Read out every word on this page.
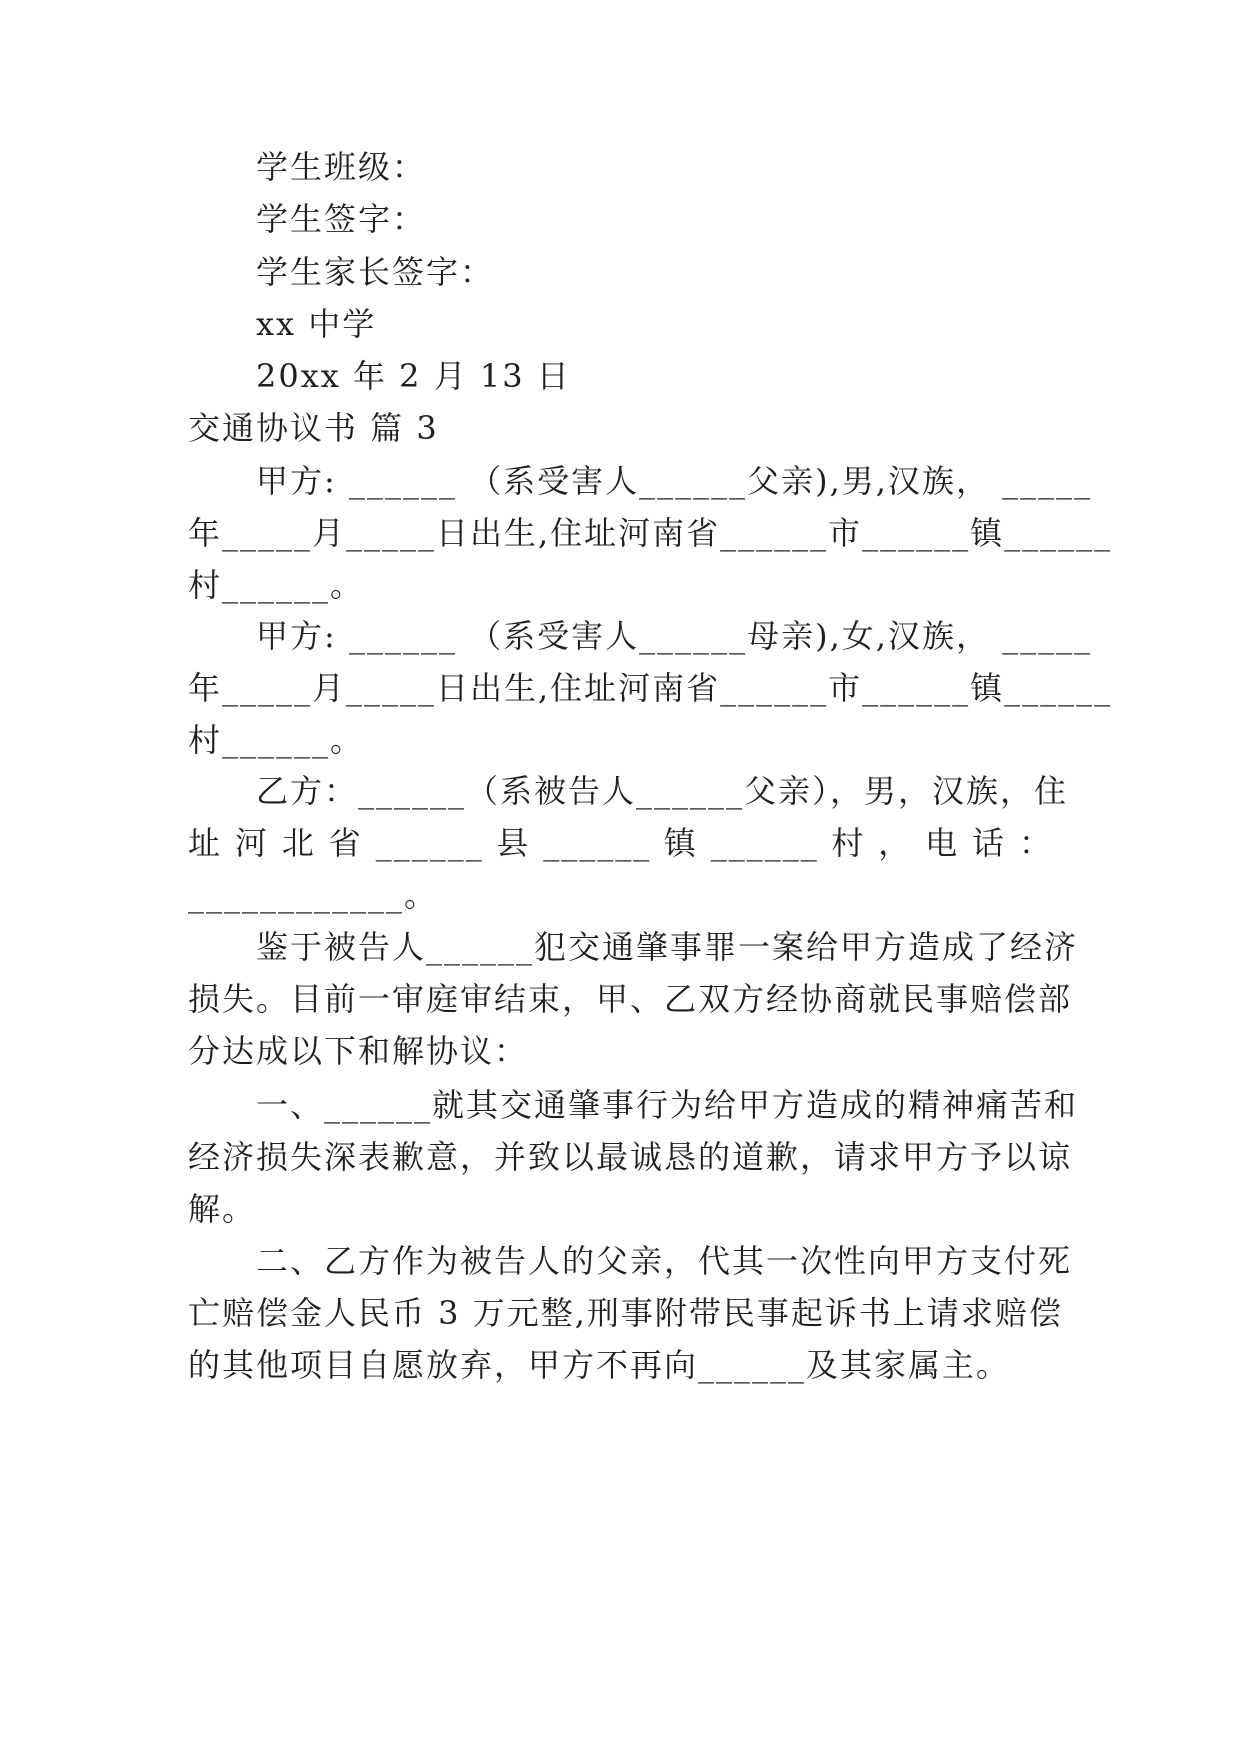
学生班级：
学生签字：
学生家长签字：
xx 中学
20xx 年 2 月 13 日
交通协议书 篇 3
甲方: ______ （系受害人______父亲),男,汉族， _____
年_____月_____日出生,住址河南省______市______镇______
村______。
甲方: ______ （系受害人______母亲),女,汉族， _____
年_____月_____日出生,住址河南省______市______镇______
村______。
乙方：______（系被告人______父亲），男，汉族，住
址 河 北 省 ______ 县 ______ 镇 ______ 村 ， 电 话 ：
____________。
鉴于被告人______犯交通肇事罪一案给甲方造成了经济
损失。目前一审庭审结束，甲、乙双方经协商就民事赔偿部
分达成以下和解协议：
一、______就其交通肇事行为给甲方造成的精神痛苦和
经济损失深表歉意，并致以最诚恳的道歉，请求甲方予以谅
解。
二、乙方作为被告人的父亲，代其一次性向甲方支付死
亡赔偿金人民币 3 万元整,刑事附带民事起诉书上请求赔偿
的其他项目自愿放弃，甲方不再向______及其家属主。
